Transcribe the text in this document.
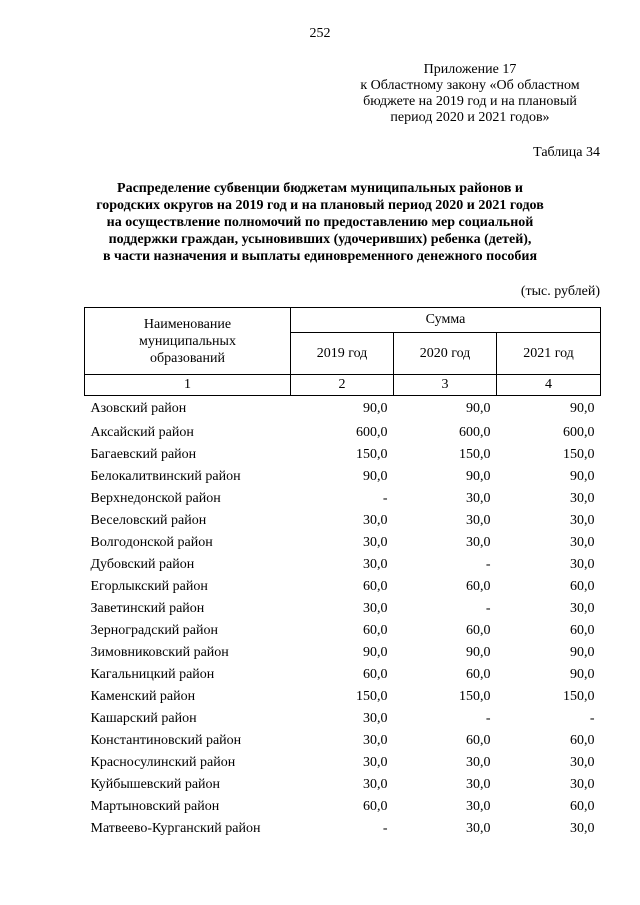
252
Приложение 17
к Областному закону «Об областном
бюджете на 2019 год и на плановый
период 2020 и 2021 годов»
Таблица 34
Распределение субвенции бюджетам муниципальных районов и
городских округов на 2019 год и на плановый период 2020 и 2021 годов
на осуществление полномочий по предоставлению мер социальной
поддержки граждан, усыновивших (удочеривших) ребенка (детей),
в части назначения и выплаты единовременного денежного пособия
(тыс. рублей)
Наименование
муниципальных
образований	Сумма		
	2019 год	2020 год	2021 год
1	2	3	4
Азовский район	90,0	90,0	90,0
Аксайский район	600,0	600,0	600,0
Багаевский район	150,0	150,0	150,0
Белокалитвинский район	90,0	90,0	90,0
Верхнедонской район	-	30,0	30,0
Веселовский район	30,0	30,0	30,0
Волгодонской район	30,0	30,0	30,0
Дубовский район	30,0	-	30,0
Егорлыкский район	60,0	60,0	60,0
Заветинский район	30,0	-	30,0
Зерноградский район	60,0	60,0	60,0
Зимовниковский район	90,0	90,0	90,0
Кагальницкий район	60,0	60,0	90,0
Каменский район	150,0	150,0	150,0
Кашарский район	30,0	-	-
Константиновский район	30,0	60,0	60,0
Красносулинский район	30,0	30,0	30,0
Куйбышевский район	30,0	30,0	30,0
Мартыновский район	60,0	30,0	60,0
Матвеево-Курганский район	-	30,0	30,0
